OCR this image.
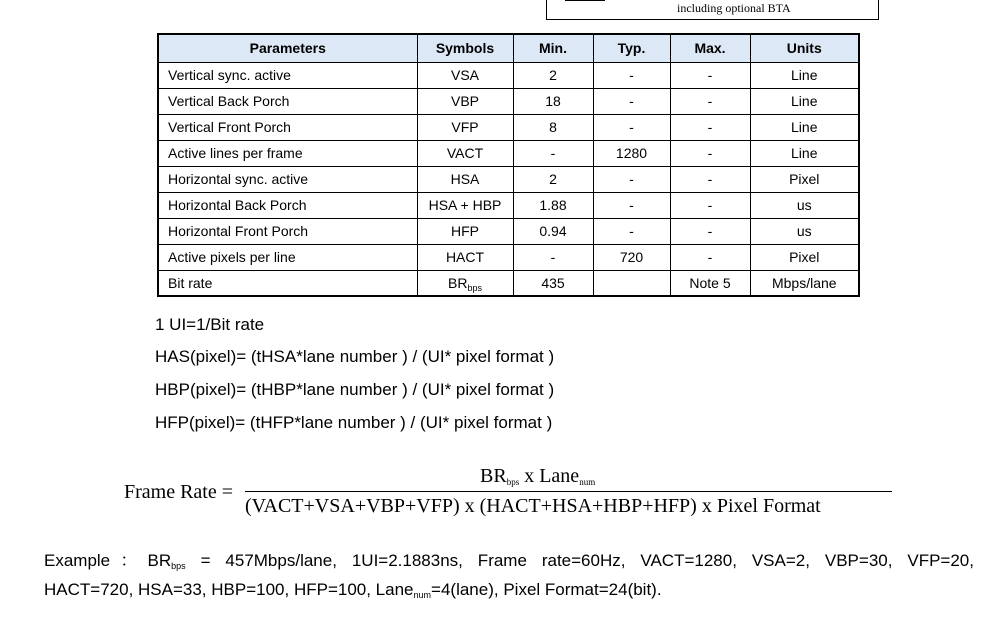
including optional BTA
Parameters	Symbols	Min.	Typ.	Max.	Units
Vertical sync. active	VSA	2	-	-	Line
Vertical Back Porch	VBP	18	-	-	Line
Vertical Front Porch	VFP	8	-	-	Line
Active lines per frame	VACT	-	1280	-	Line
Horizontal sync. active	HSA	2	-	-	Pixel
Horizontal Back Porch	HSA + HBP	1.88	-	-	us
Horizontal Front Porch	HFP	0.94	-	-	us
Active pixels per line	HACT	-	720	-	Pixel
Bit rate	$BR_{bps}$	435		Note 5	Mbps/lane
1 UI=1/Bit rate
HAS(pixel)= (tHSA*lane number ) / (UI* pixel format )
HBP(pixel)= (tHBP*lane number ) / (UI* pixel format )
HFP(pixel)= (tHFP*lane number ) / (UI* pixel format )
Frame Rate =
$BR_{bps}$ x Lane$_{num}$
(VACT+VSA+VBP+VFP) x (HACT+HSA+HBP+HFP) x Pixel Format
Example：$BR_{bps}$ = 457Mbps/lane, 1UI=2.1883ns, Frame rate=60Hz, VACT=1280, VSA=2, VBP=30, VFP=20,
HACT=720, HSA=33, HBP=100, HFP=100, Lane$_{num}$=4(lane), Pixel Format=24(bit).
